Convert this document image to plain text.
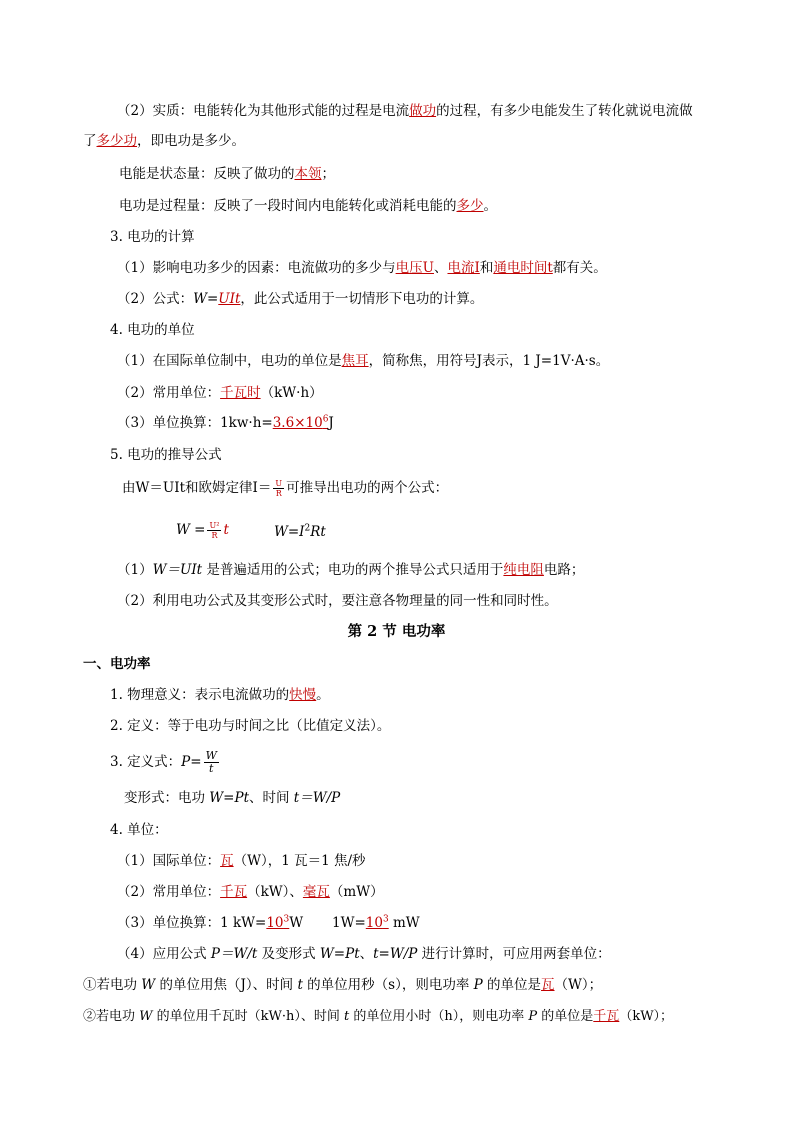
（2）实质：电能转化为其他形式能的过程是电流做功的过程，有多少电能发生了转化就说电流做
了多少功，即电功是多少。
电能是状态量：反映了做功的本领；
电功是过程量：反映了一段时间内电能转化或消耗电能的多少。
3. 电功的计算
（1）影响电功多少的因素：电流做功的多少与电压U、电流I和通电时间t都有关。
（2）公式：W=UIt，此公式适用于一切情形下电功的计算。
4. 电功的单位
（1）在国际单位制中，电功的单位是焦耳，简称焦，用符号J表示，1 J=1V·A·s。
（2）常用单位：千瓦时（kW·h）
（3）单位换算：$1kw\cdot h=3.6\times 10^6J$
5. 电功的推导公式
由W＝UIt和欧姆定律$I= \frac{U}{R}$ 可推导出电功的两个公式：
$W = \frac{\text{U²}}{R}$ t	$W=I^2Rt$
（1）W＝UIt 是普遍适用的公式；电功的两个推导公式只适用于纯电阻电路；
（2）利用电功公式及其变形公式时，要注意各物理量的同一性和同时性。
第 2 节 电功率
一、电功率
1. 物理意义：表示电流做功的快慢。
2. 定义：等于电功与时间之比（比值定义法）。
3. 定义式：$P= \frac{W}{t}$
变形式：电功 W=Pt、时间 t＝W/P
4. 单位：
（1）国际单位：瓦（W），1 瓦＝1 焦/秒
（2）常用单位：千瓦（kW）、毫瓦（mW）
（3）单位换算：1 $kW=10^3W$ $1W=10^3$ mW
（4）应用公式 P＝W/t 及变形式 W=Pt、t=W/P 进行计算时，可应用两套单位：
①若电功 W 的单位用焦（J）、时间 t 的单位用秒（s），则电功率 P 的单位是瓦（W）；
②若电功 W 的单位用千瓦时（kW·h）、时间 t 的单位用小时（h），则电功率 P 的单位是千瓦（kW）；
